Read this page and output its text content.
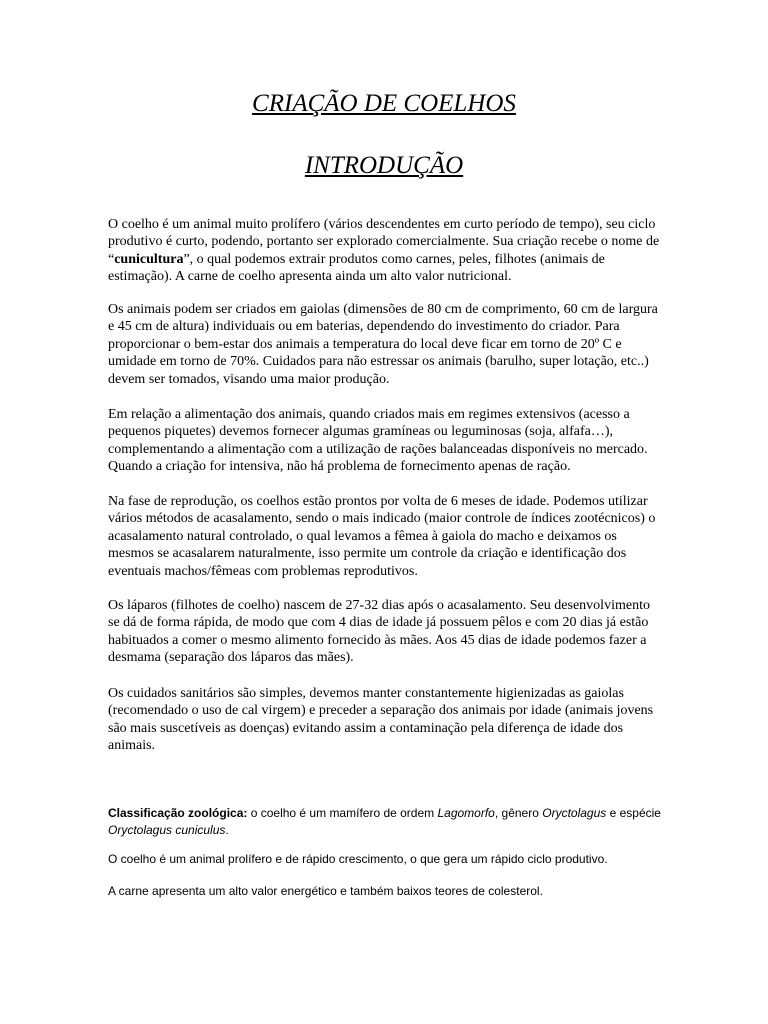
CRIAÇÃO DE COELHOS
INTRODUÇÃO

O coelho é um animal muito prolífero (vários descendentes em curto período de tempo), seu ciclo produtivo é curto, podendo, portanto ser explorado comercialmente. Sua criação recebe o nome de “cunicultura”, o qual podemos extrair produtos como carnes, peles, filhotes (animais de estimação). A carne de coelho apresenta ainda um alto valor nutricional.

Os animais podem ser criados em gaiolas (dimensões de 80 cm de comprimento, 60 cm de largura e 45 cm de altura) individuais ou em baterias, dependendo do investimento do criador. Para proporcionar o bem-estar dos animais a temperatura do local deve ficar em torno de 20º C e umidade em torno de 70%. Cuidados para não estressar os animais (barulho, super lotação, etc..) devem ser tomados, visando uma maior produção.

Em relação a alimentação dos animais, quando criados mais em regimes extensivos (acesso a pequenos piquetes) devemos fornecer algumas gramíneas ou leguminosas (soja, alfafa…), complementando a alimentação com a utilização de rações balanceadas disponíveis no mercado. Quando a criação for intensiva, não há problema de fornecimento apenas de ração.

Na fase de reprodução, os coelhos estão prontos por volta de 6 meses de idade. Podemos utilizar vários métodos de acasalamento, sendo o mais indicado (maior controle de índices zootécnicos) o acasalamento natural controlado, o qual levamos a fêmea à gaiola do macho e deixamos os mesmos se acasalarem naturalmente, isso permite um controle da criação e identificação dos eventuais machos/fêmeas com problemas reprodutivos.

Os láparos (filhotes de coelho) nascem de 27-32 dias após o acasalamento. Seu desenvolvimento se dá de forma rápida, de modo que com 4 dias de idade já possuem pêlos e com 20 dias já estão habituados a comer o mesmo alimento fornecido às mães. Aos 45 dias de idade podemos fazer a desmama (separação dos láparos das mães).

Os cuidados sanitários são simples, devemos manter constantemente higienizadas as gaiolas (recomendado o uso de cal virgem) e preceder a separação dos animais por idade (animais jovens são mais suscetíveis as doenças) evitando assim a contaminação pela diferença de idade dos animais.

Classificação zoológica: o coelho é um mamífero de ordem Lagomorfo, gênero Oryctolagus e espécie Oryctolagus cuniculus.

O coelho é um animal prolífero e de rápido crescimento, o que gera um rápido ciclo produtivo.

A carne apresenta um alto valor energético e também baixos teores de colesterol.
